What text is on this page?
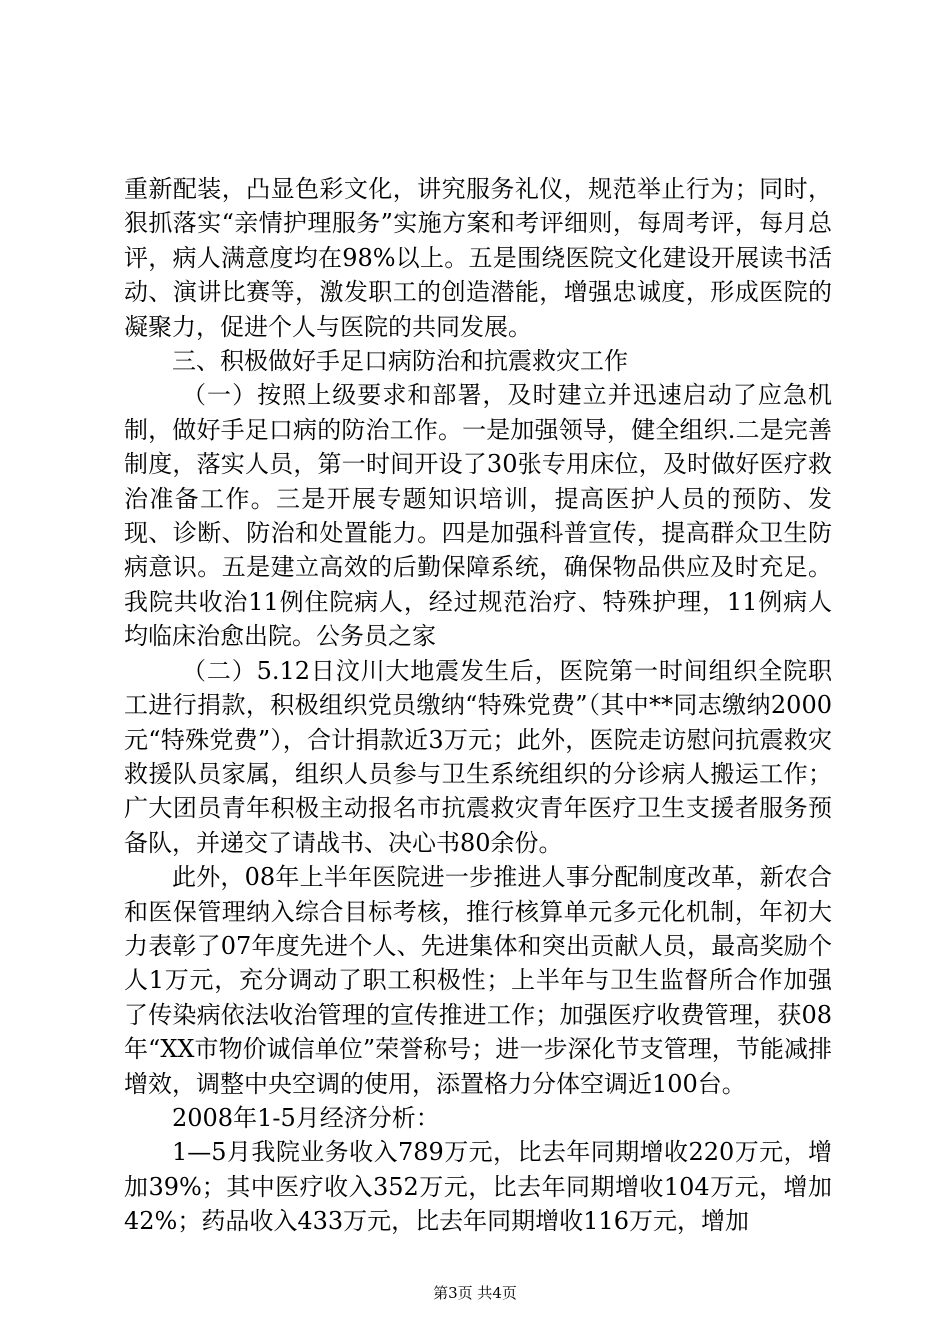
重新配装，凸显色彩文化，讲究服务礼仪，规范举止行为；同时，狠抓落实“亲情护理服务”实施方案和考评细则，每周考评，每月总评，病人满意度均在98%以上。五是围绕医院文化建设开展读书活动、演讲比赛等，激发职工的创造潜能，增强忠诚度，形成医院的凝聚力，促进个人与医院的共同发展。

三、积极做好手足口病防治和抗震救灾工作

（一）按照上级要求和部署，及时建立并迅速启动了应急机制，做好手足口病的防治工作。一是加强领导，健全组织.二是完善制度，落实人员，第一时间开设了30张专用床位，及时做好医疗救治准备工作。三是开展专题知识培训，提高医护人员的预防、发现、诊断、防治和处置能力。四是加强科普宣传，提高群众卫生防病意识。五是建立高效的后勤保障系统，确保物品供应及时充足。我院共收治11例住院病人，经过规范治疗、特殊护理，11例病人均临床治愈出院。公务员之家

（二）5.12日汶川大地震发生后，医院第一时间组织全院职工进行捐款，积极组织党员缴纳“特殊党费”（其中**同志缴纳2000元“特殊党费”），合计捐款近3万元；此外，医院走访慰问抗震救灾救援队员家属，组织人员参与卫生系统组织的分诊病人搬运工作；广大团员青年积极主动报名市抗震救灾青年医疗卫生支援者服务预备队，并递交了请战书、决心书80余份。

此外，08年上半年医院进一步推进人事分配制度改革，新农合和医保管理纳入综合目标考核，推行核算单元多元化机制，年初大力表彰了07年度先进个人、先进集体和突出贡献人员，最高奖励个人1万元，充分调动了职工积极性；上半年与卫生监督所合作加强了传染病依法收治管理的宣传推进工作；加强医疗收费管理，获08年“XX市物价诚信单位”荣誉称号；进一步深化节支管理，节能减排增效，调整中央空调的使用，添置格力分体空调近100台。

2008年1-5月经济分析：

1—5月我院业务收入789万元，比去年同期增收220万元，增加39%；其中医疗收入352万元，比去年同期增收104万元，增加42%；药品收入433万元，比去年同期增收116万元，增加

第3页 共4页
